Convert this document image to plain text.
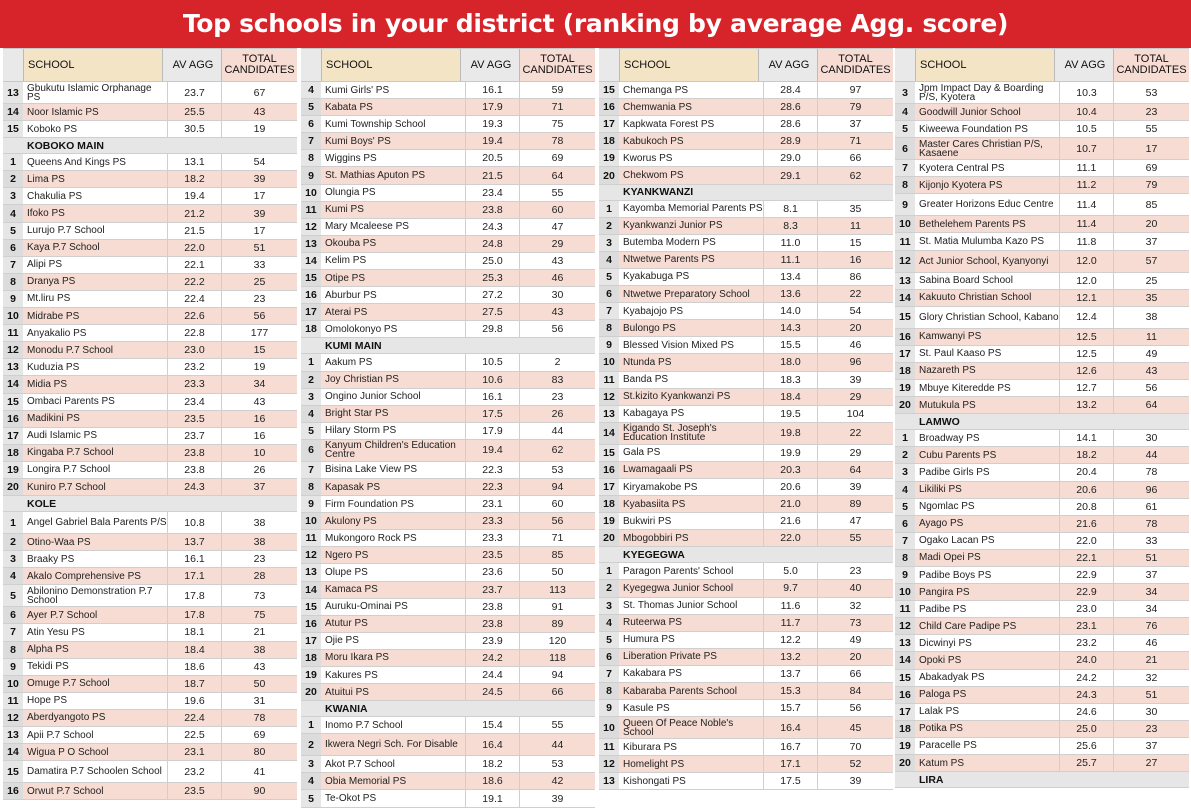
Top schools in your district (ranking by average Agg. score)
SCHOOL	AV AGG	TOTAL CANDIDATES
13 Gbukutu Islamic Orphanage PS	23.7	67
14 Noor Islamic PS	25.5	43
15 Koboko PS	30.5	19
KOBOKO MAIN
1	Queens And Kings PS	13.1	54
2	Lima PS	18.2	39
3	Chakulia PS	19.4	17
4	Ifoko PS	21.2	39
5	Lurujo P.7 School	21.5	17
6	Kaya P.7 School	22.0	51
7	Alipi PS	22.1	33
8	Dranya PS	22.2	25
9	Mt.liru PS	22.4	23
10 Midrabe PS	22.6	56
11 Anyakalio PS	22.8	177
12 Monodu P.7 School	23.0	15
13 Kuduzia PS	23.2	19
14 Midia PS	23.3	34
15 Ombaci Parents PS	23.4	43
16 Madikini PS	23.5	16
17 Audi Islamic PS	23.7	16
18 Kingaba P.7 School	23.8	10
19 Longira P.7 School	23.8	26
20 Kuniro P.7 School	24.3	37
KOLE
1	Angel Gabriel Bala Parents P/S	10.8	38
2	Otino-Waa PS	13.7	38
3	Braaky PS	16.1	23
4	Akalo Comprehensive PS	17.1	28
5	Abilonino Demonstration P.7 School	17.8	73
6	Ayer P.7 School	17.8	75
7	Atin Yesu PS	18.1	21
8	Alpha PS	18.4	38
9	Tekidi PS	18.6	43
10 Omuge P.7 School	18.7	50
11 Hope PS	19.6	31
12 Aberdyangoto PS	22.4	78
13 Apii P.7 School	22.5	69
14 Wigua P O School	23.1	80
15 Damatira P.7 Schoolen School	23.2	41
16 Orwut P.7 School	23.5	90
SCHOOL	AV AGG	TOTAL CANDIDATES
4	Kumi Girls' PS	16.1	59
5	Kabata PS	17.9	71
6	Kumi Township School	19.3	75
7	Kumi Boys' PS	19.4	78
8	Wiggins PS	20.5	69
9	St. Mathias Aputon PS	21.5	64
10 Olungia PS	23.4	55
11 Kumi PS	23.8	60
12 Mary Mcaleese PS	24.3	47
13 Okouba PS	24.8	29
14 Kelim PS	25.0	43
15 Otipe PS	25.3	46
16 Aburbur PS	27.2	30
17 Aterai PS	27.5	43
18 Omolokonyo PS	29.8	56
KUMI MAIN
1	Aakum PS	10.5	2
2	Joy Christian PS	10.6	83
3	Ongino Junior School	16.1	23
4	Bright Star PS	17.5	26
5	Hilary Storm PS	17.9	44
6	Kanyum Children's Education Centre	19.4	62
7	Bisina Lake View PS	22.3	53
8	Kapasak PS	22.3	94
9	Firm Foundation PS	23.1	60
10 Akulony PS	23.3	56
11 Mukongoro Rock PS	23.3	71
12 Ngero PS	23.5	85
13 Olupe PS	23.6	50
14 Kamaca PS	23.7	113
15 Auruku-Ominai PS	23.8	91
16 Atutur PS	23.8	89
17 Ojie PS	23.9	120
18 Moru Ikara PS	24.2	118
19 Kakures PS	24.4	94
20 Atuitui PS	24.5	66
KWANIA
1	Inomo P.7 School	15.4	55
2	Ikwera Negri Sch. For Disable	16.4	44
3	Akot P.7 School	18.2	53
4	Obia Memorial PS	18.6	42
5	Te-Okot PS	19.1	39
SCHOOL	AV AGG	TOTAL CANDIDATES
15 Chemanga PS	28.4	97
16 Chemwania PS	28.6	79
17 Kapkwata Forest PS	28.6	37
18 Kabukoch PS	28.9	71
19 Kworus PS	29.0	66
20 Chekwom PS	29.1	62
KYANKWANZI
1	Kayomba Memorial Parents PS	8.1	35
2	Kyankwanzi Junior PS	8.3	11
3	Butemba Modern PS	11.0	15
4	Ntwetwe Parents PS	11.1	16
5	Kyakabuga PS	13.4	86
6	Ntwetwe Preparatory School	13.6	22
7	Kyabajojo PS	14.0	54
8	Bulongo PS	14.3	20
9	Blessed Vision Mixed PS	15.5	46
10 Ntunda PS	18.0	96
11 Banda PS	18.3	39
12 St.kizito Kyankwanzi PS	18.4	29
13 Kabagaya PS	19.5	104
14 Kigando St. Joseph's Education Institute	19.8	22
15 Gala PS	19.9	29
16 Lwamagaali PS	20.3	64
17 Kiryamakobe PS	20.6	39
18 Kyabasiita PS	21.0	89
19 Bukwiri PS	21.6	47
20 Mbogobbiri PS	22.0	55
KYEGEGWA
1	Paragon Parents' School	5.0	23
2	Kyegegwa Junior School	9.7	40
3	St. Thomas Junior School	11.6	32
4	Ruteerwa PS	11.7	73
5	Humura PS	12.2	49
6	Liberation Private PS	13.2	20
7	Kakabara PS	13.7	66
8	Kabaraba Parents School	15.3	84
9	Kasule PS	15.7	56
10 Queen Of Peace Noble's School	16.4	45
11 Kiburara PS	16.7	70
12 Homelight PS	17.1	52
13 Kishongati PS	17.5	39
SCHOOL	AV AGG	TOTAL CANDIDATES
3	Jpm Impact Day & Boarding P/S, Kyotera	10.3	53
4	Goodwill Junior School	10.4	23
5	Kiweewa Foundation PS	10.5	55
6	Master Cares Christian P/S, Kasaene	10.7	17
7	Kyotera Central PS	11.1	69
8	Kijonjo Kyotera PS	11.2	79
9	Greater Horizons Educ Centre	11.4	85
10 Bethelehem Parents PS	11.4	20
11 St. Matia Mulumba Kazo PS	11.8	37
12 Act Junior School, Kyanyonyi	12.0	57
13 Sabina Board School	12.0	25
14 Kakuuto Christian School	12.1	35
15 Glory Christian School, Kabano	12.4	38
16 Kamwanyi PS	12.5	11
17 St. Paul Kaaso PS	12.5	49
18 Nazareth PS	12.6	43
19 Mbuye Kiteredde PS	12.7	56
20 Mutukula PS	13.2	64
LAMWO
1	Broadway PS	14.1	30
2	Cubu Parents PS	18.2	44
3	Padibe Girls PS	20.4	78
4	Likiliki PS	20.6	96
5	Ngomlac PS	20.8	61
6	Ayago PS	21.6	78
7	Ogako Lacan PS	22.0	33
8	Madi Opei PS	22.1	51
9	Padibe Boys PS	22.9	37
10 Pangira PS	22.9	34
11 Padibe PS	23.0	34
12 Child Care Padipe PS	23.1	76
13 Dicwinyi PS	23.2	46
14 Opoki PS	24.0	21
15 Abakadyak PS	24.2	32
16 Paloga PS	24.3	51
17 Lalak PS	24.6	30
18 Potika PS	25.0	23
19 Paracelle PS	25.6	37
20 Katum PS	25.7	27
LIRA
